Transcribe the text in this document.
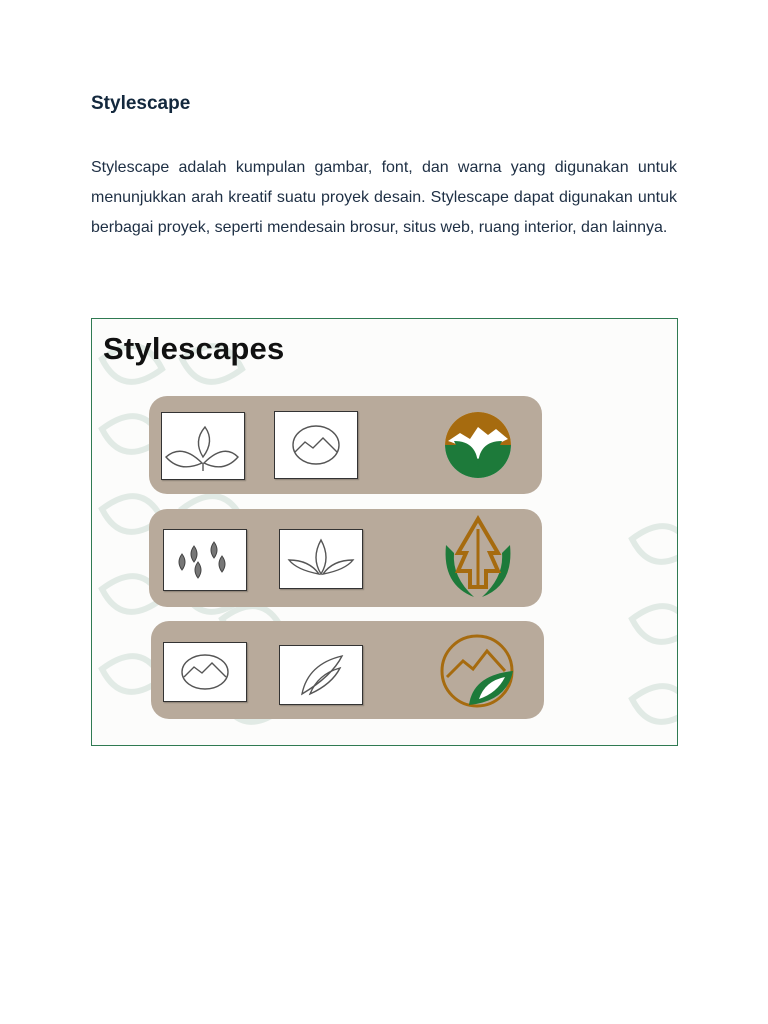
Stylescape

Stylescape adalah kumpulan gambar, font, dan warna yang digunakan untuk menunjukkan arah kreatif suatu proyek desain. Stylescape dapat digunakan untuk berbagai proyek, seperti mendesain brosur, situs web, ruang interior, dan lainnya.

Stylescapes
